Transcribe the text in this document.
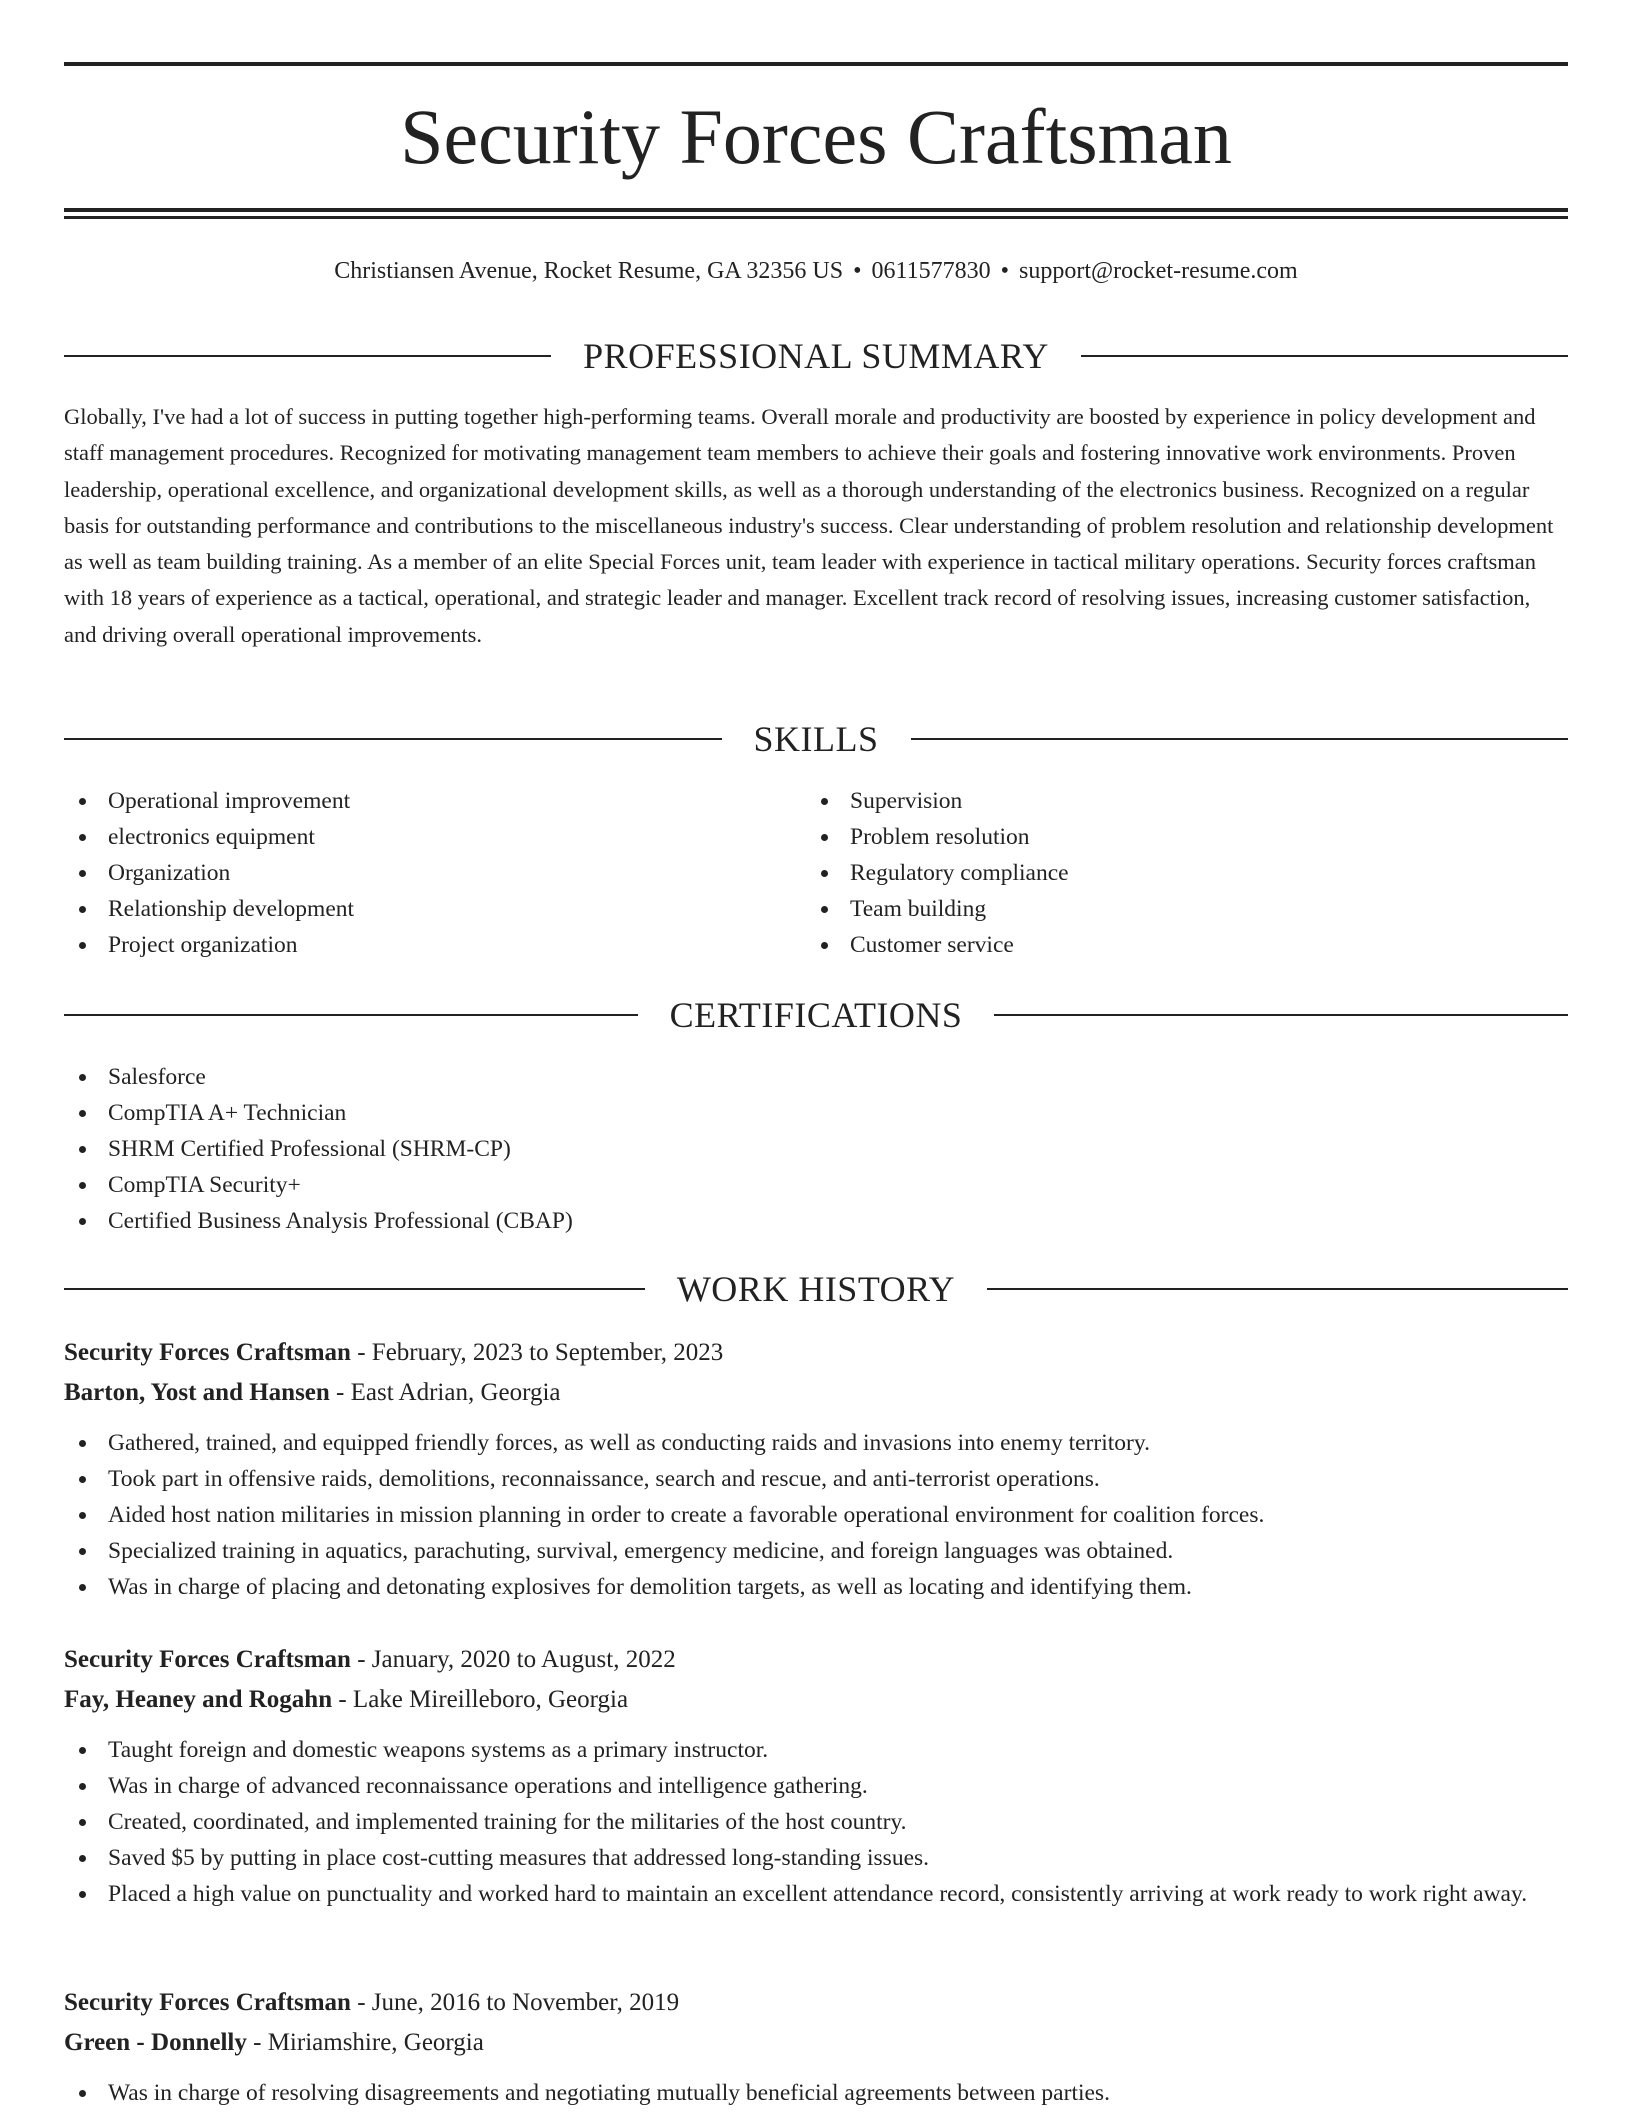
Security Forces Craftsman
Christiansen Avenue, Rocket Resume, GA 32356 US • 0611577830 • support@rocket-resume.com
PROFESSIONAL SUMMARY

Globally, I've had a lot of success in putting together high-performing teams. Overall morale and productivity are boosted by experience in policy development and staff management procedures. Recognized for motivating management team members to achieve their goals and fostering innovative work environments. Proven leadership, operational excellence, and organizational development skills, as well as a thorough understanding of the electronics business. Recognized on a regular basis for outstanding performance and contributions to the miscellaneous industry's success. Clear understanding of problem resolution and relationship development as well as team building training. As a member of an elite Special Forces unit, team leader with experience in tactical military operations. Security forces craftsman with 18 years of experience as a tactical, operational, and strategic leader and manager. Excellent track record of resolving issues, increasing customer satisfaction, and driving overall operational improvements.

SKILLS
Operational improvement
electronics equipment
Organization
Relationship development
Project organization
Supervision
Problem resolution
Regulatory compliance
Team building
Customer service
CERTIFICATIONS
Salesforce
CompTIA A+ Technician
SHRM Certified Professional (SHRM-CP)
CompTIA Security+
Certified Business Analysis Professional (CBAP)
WORK HISTORY
Security Forces Craftsman - February, 2023 to September, 2023
Barton, Yost and Hansen - East Adrian, Georgia
Gathered, trained, and equipped friendly forces, as well as conducting raids and invasions into enemy territory.
Took part in offensive raids, demolitions, reconnaissance, search and rescue, and anti-terrorist operations.
Aided host nation militaries in mission planning in order to create a favorable operational environment for coalition forces.
Specialized training in aquatics, parachuting, survival, emergency medicine, and foreign languages was obtained.
Was in charge of placing and detonating explosives for demolition targets, as well as locating and identifying them.
Security Forces Craftsman - January, 2020 to August, 2022
Fay, Heaney and Rogahn - Lake Mireilleboro, Georgia
Taught foreign and domestic weapons systems as a primary instructor.
Was in charge of advanced reconnaissance operations and intelligence gathering.
Created, coordinated, and implemented training for the militaries of the host country.
Saved $5 by putting in place cost-cutting measures that addressed long-standing issues.
Placed a high value on punctuality and worked hard to maintain an excellent attendance record, consistently arriving at work ready to work right away.
Security Forces Craftsman - June, 2016 to November, 2019
Green - Donnelly - Miriamshire, Georgia
Was in charge of resolving disagreements and negotiating mutually beneficial agreements between parties.
